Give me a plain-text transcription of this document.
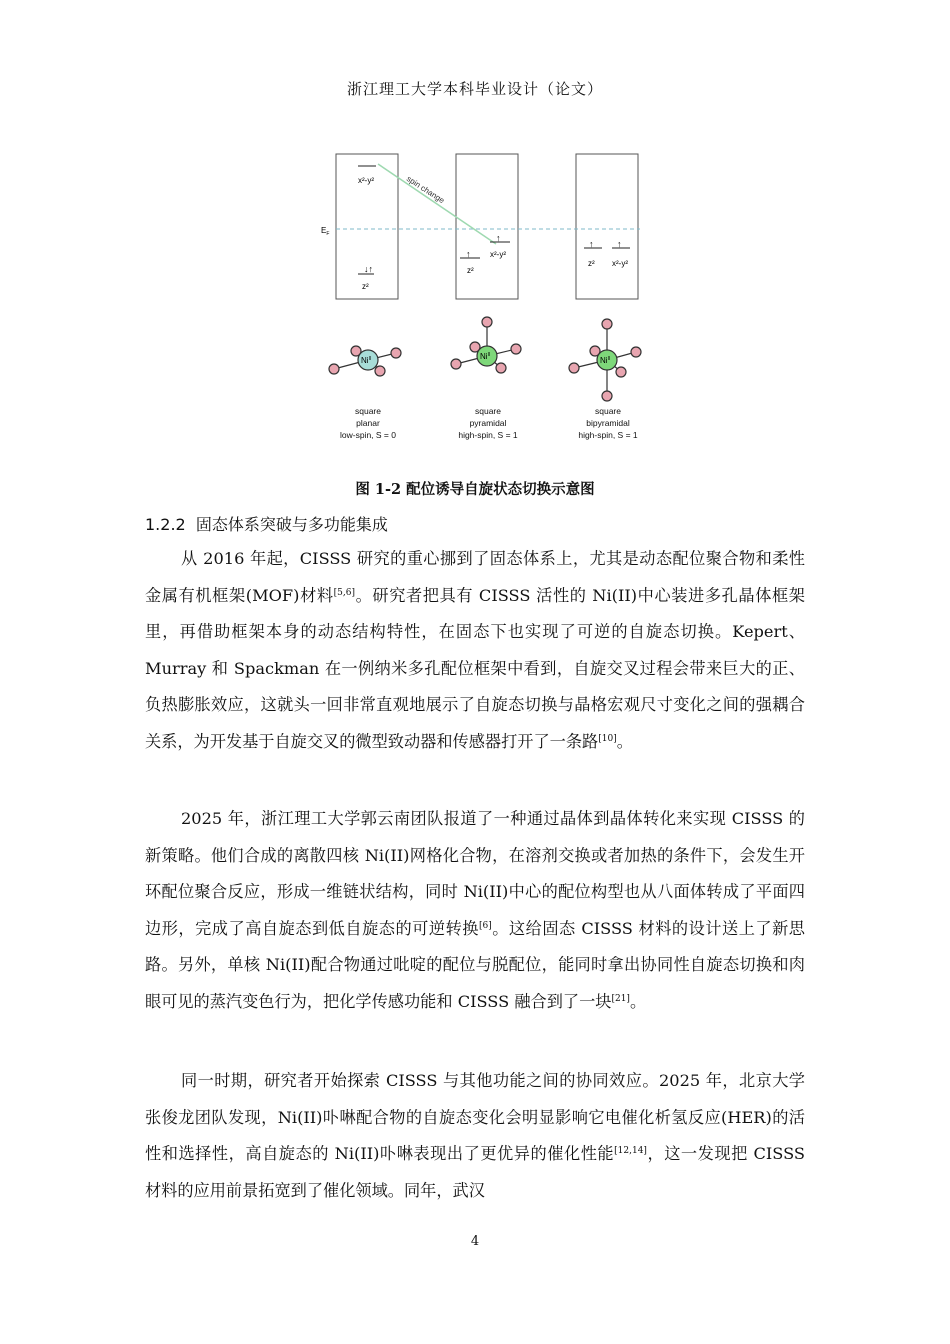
浙江理工大学本科毕业设计（论文）
$E_F$
spin change
x²-y²
↓↑
z²
↑
z²
↑
x²-y²
↑
z²
↑
x²-y²
$Ni^{II}$	$Ni^{II}$
$Ni^{II}$
square
planar
low-spin, S = 0
square
pyramidal
high-spin, S = 1
square
bipyramidal
high-spin, S = 1
图 1-2 配位诱导自旋状态切换示意图
1.2.2 固态体系突破与多功能集成

从 2016 年起，CISSS 研究的重心挪到了固态体系上，尤其是动态配位聚合物和柔性金属有机框架(MOF)材料[5,6]。研究者把具有 CISSS 活性的 Ni(II)中心装进多孔晶体框架里，再借助框架本身的动态结构特性，在固态下也实现了可逆的自旋态切换。Kepert、Murray 和 Spackman 在一例纳米多孔配位框架中看到，自旋交叉过程会带来巨大的正、负热膨胀效应，这就头一回非常直观地展示了自旋态切换与晶格宏观尺寸变化之间的强耦合关系，为开发基于自旋交叉的微型致动器和传感器打开了一条路[10]。

2025 年，浙江理工大学郭云南团队报道了一种通过晶体到晶体转化来实现 CISSS 的新策略。他们合成的离散四核 Ni(II)网格化合物，在溶剂交换或者加热的条件下，会发生开环配位聚合反应，形成一维链状结构，同时 Ni(II)中心的配位构型也从八面体转成了平面四边形，完成了高自旋态到低自旋态的可逆转换[6]。这给固态 CISSS 材料的设计送上了新思路。另外，单核 Ni(II)配合物通过吡啶的配位与脱配位，能同时拿出协同性自旋态切换和肉眼可见的蒸汽变色行为，把化学传感功能和 CISSS 融合到了一块[21]。

同一时期，研究者开始探索 CISSS 与其他功能之间的协同效应。2025 年，北京大学张俊龙团队发现，Ni(II)卟啉配合物的自旋态变化会明显影响它电催化析氢反应(HER)的活性和选择性，高自旋态的 Ni(II)卟啉表现出了更优异的催化性能[12,14]，这一发现把 CISSS 材料的应用前景拓宽到了催化领域。同年，武汉

4
